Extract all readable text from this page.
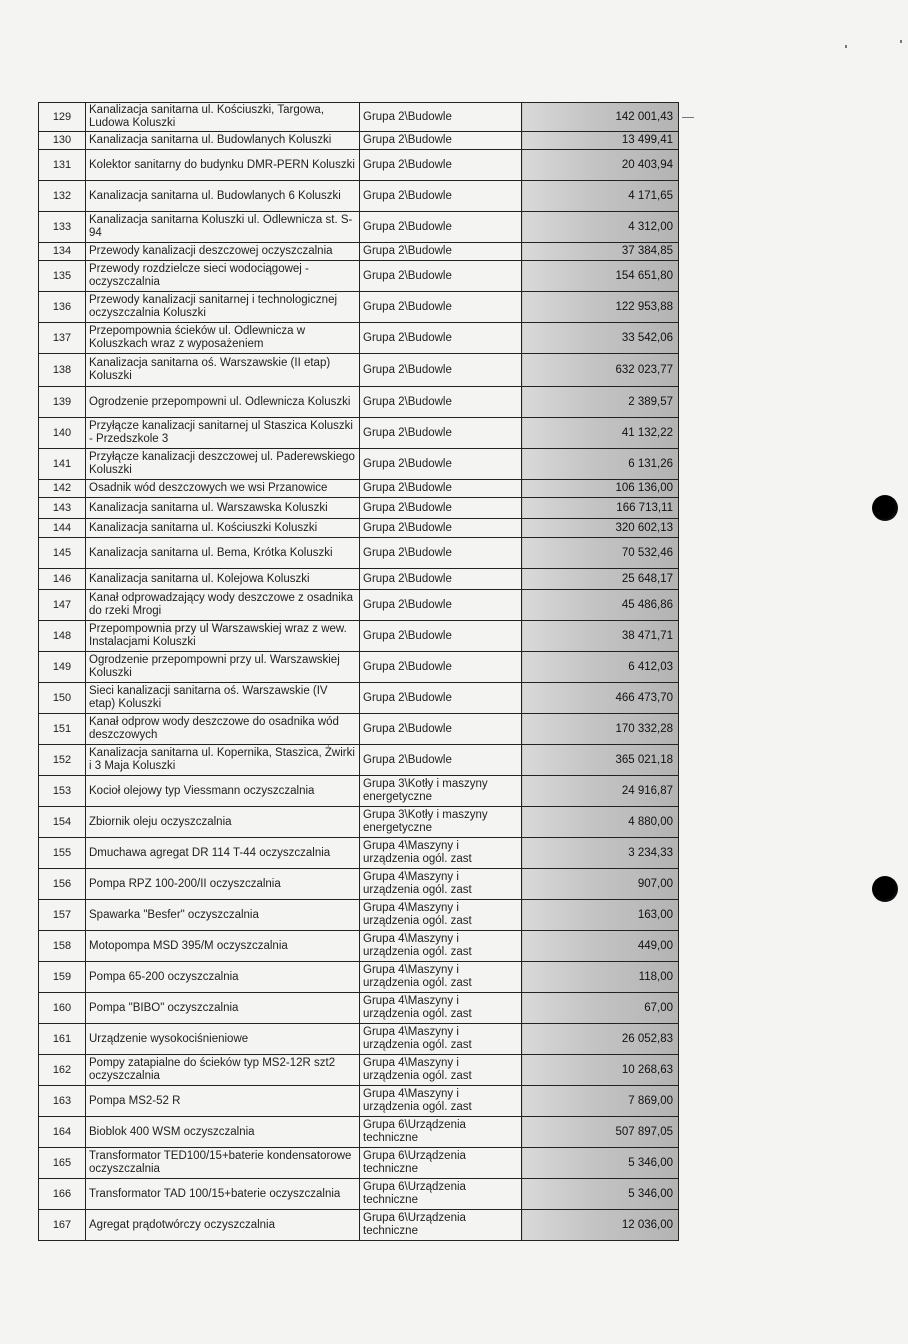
129	Kanalizacja sanitarna ul. Kościuszki, Targowa, Ludowa Koluszki	Grupa 2\Budowle	142 001,43
130	Kanalizacja sanitarna ul. Budowlanych Koluszki	Grupa 2\Budowle	13 499,41
131	Kolektor sanitarny do budynku DMR-PERN Koluszki	Grupa 2\Budowle	20 403,94
132	Kanalizacja sanitarna ul. Budowlanych 6 Koluszki	Grupa 2\Budowle	4 171,65
133	Kanalizacja sanitarna Koluszki ul. Odlewnicza st. S-94	Grupa 2\Budowle	4 312,00
134	Przewody kanalizacji deszczowej oczyszczalnia	Grupa 2\Budowle	37 384,85
135	Przewody rozdzielcze sieci wodociągowej - oczyszczalnia	Grupa 2\Budowle	154 651,80
136	Przewody kanalizacji sanitarnej i technologicznej oczyszczalnia Koluszki	Grupa 2\Budowle	122 953,88
137	Przepompownia ścieków ul. Odlewnicza w Koluszkach wraz z wyposażeniem	Grupa 2\Budowle	33 542,06
138	Kanalizacja sanitarna oś. Warszawskie (II etap) Koluszki	Grupa 2\Budowle	632 023,77
139	Ogrodzenie przepompowni ul. Odlewnicza Koluszki	Grupa 2\Budowle	2 389,57
140	Przyłącze kanalizacji sanitarnej ul Staszica Koluszki - Przedszkole 3	Grupa 2\Budowle	41 132,22
141	Przyłącze kanalizacji deszczowej ul. Paderewskiego Koluszki	Grupa 2\Budowle	6 131,26
142	Osadnik wód deszczowych we wsi Przanowice	Grupa 2\Budowle	106 136,00
143	Kanalizacja sanitarna ul. Warszawska Koluszki	Grupa 2\Budowle	166 713,11
144	Kanalizacja sanitarna ul. Kościuszki Koluszki	Grupa 2\Budowle	320 602,13
145	Kanalizacja sanitarna ul. Bema, Krótka Koluszki	Grupa 2\Budowle	70 532,46
146	Kanalizacja sanitarna ul. Kolejowa Koluszki	Grupa 2\Budowle	25 648,17
147	Kanał odprowadzający wody deszczowe z osadnika do rzeki Mrogi	Grupa 2\Budowle	45 486,86
148	Przepompownia przy ul Warszawskiej wraz z wew. Instalacjami Koluszki	Grupa 2\Budowle	38 471,71
149	Ogrodzenie przepompowni przy ul. Warszawskiej Koluszki	Grupa 2\Budowle	6 412,03
150	Sieci kanalizacji sanitarna oś. Warszawskie (IV etap) Koluszki	Grupa 2\Budowle	466 473,70
151	Kanał odprow wody deszczowe do osadnika wód deszczowych	Grupa 2\Budowle	170 332,28
152	Kanalizacja sanitarna ul. Kopernika, Staszica, Żwirki i 3 Maja Koluszki	Grupa 2\Budowle	365 021,18
153	Kocioł olejowy typ Viessmann oczyszczalnia	Grupa 3\Kotły i maszyny energetyczne	24 916,87
154	Zbiornik oleju oczyszczalnia	Grupa 3\Kotły i maszyny energetyczne	4 880,00
155	Dmuchawa agregat DR 114 T-44 oczyszczalnia	Grupa 4\Maszyny i urządzenia ogól. zast	3 234,33
156	Pompa RPZ 100-200/II oczyszczalnia	Grupa 4\Maszyny i urządzenia ogól. zast	907,00
157	Spawarka "Besfer" oczyszczalnia	Grupa 4\Maszyny i urządzenia ogól. zast	163,00
158	Motopompa MSD 395/M oczyszczalnia	Grupa 4\Maszyny i urządzenia ogól. zast	449,00
159	Pompa 65-200 oczyszczalnia	Grupa 4\Maszyny i urządzenia ogól. zast	118,00
160	Pompa "BIBO" oczyszczalnia	Grupa 4\Maszyny i urządzenia ogól. zast	67,00
161	Urządzenie wysokociśnieniowe	Grupa 4\Maszyny i urządzenia ogól. zast	26 052,83
162	Pompy zatapialne do ścieków typ MS2-12R szt2 oczyszczalnia	Grupa 4\Maszyny i urządzenia ogól. zast	10 268,63
163	Pompa MS2-52 R	Grupa 4\Maszyny i urządzenia ogól. zast	7 869,00
164	Bioblok 400 WSM oczyszczalnia	Grupa 6\Urządzenia techniczne	507 897,05
165	Transformator TED100/15+baterie kondensatorowe oczyszczalnia	Grupa 6\Urządzenia techniczne	5 346,00
166	Transformator TAD 100/15+baterie oczyszczalnia	Grupa 6\Urządzenia techniczne	5 346,00
167	Agregat prądotwórczy oczyszczalnia	Grupa 6\Urządzenia techniczne	12 036,00
